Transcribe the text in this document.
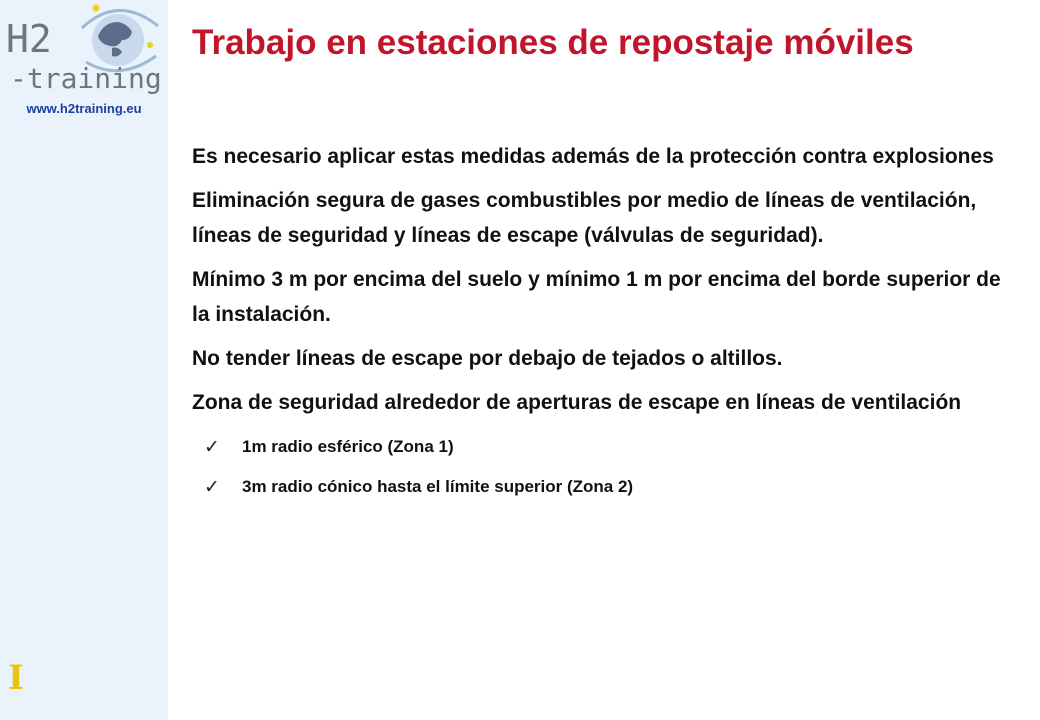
H2
-training
www.h2training.eu
I
Trabajo en estaciones de repostaje móviles

Es necesario aplicar estas medidas además de la protección contra explosiones

Eliminación segura de gases combustibles por medio de líneas de ventilación, líneas de seguridad y líneas de escape (válvulas de seguridad).

Mínimo 3 m por encima del suelo y mínimo 1 m por encima del borde superior de la instalación.

No tender líneas de escape por debajo de tejados o altillos.

Zona de seguridad alrededor de aperturas de escape en líneas de ventilación

✓	1m radio esférico (Zona 1)
✓	3m radio cónico hasta el límite superior (Zona 2)
